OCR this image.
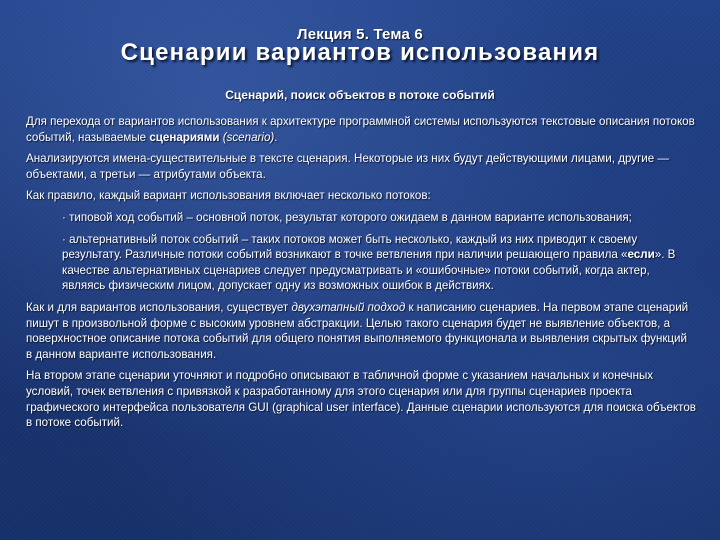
Лекция 5. Тема 6
Сценарии вариантов использования
Сценарий, поиск объектов в потоке событий

Для перехода от вариантов использования к архитектуре программной системы используются текстовые описания потоков событий, называемые сценариями (scenario).

Анализируются имена-существительные в тексте сценария. Некоторые из них будут действующими лицами, другие — объектами, а третьи — атрибутами объекта.

Как правило, каждый вариант использования включает несколько потоков:

· типовой ход событий – основной поток, результат которого ожидаем в данном варианте использования;

· альтернативный поток событий – таких потоков может быть несколько, каждый из них приводит к своему результату. Различные потоки событий возникают в точке ветвления при наличии решающего правила «если». В качестве альтернативных сценариев следует предусматривать и «ошибочные» потоки событий, когда актер, являясь физическим лицом, допускает одну из возможных ошибок в действиях.

Как и для вариантов использования, существует двухэтапный подход к написанию сценариев. На первом этапе сценарий пишут в произвольной форме с высоким уровнем абстракции. Целью такого сценария будет не выявление объектов, а поверхностное описание потока событий для общего понятия выполняемого функционала и выявления скрытых функций в данном варианте использования.

На втором этапе сценарии уточняют и подробно описывают в табличной форме с указанием начальных и конечных условий, точек ветвления с привязкой к разработанному для этого сценария или для группы сценариев проекта графического интерфейса пользователя GUI (graphical user interface). Данные сценарии используются для поиска объектов в потоке событий.
